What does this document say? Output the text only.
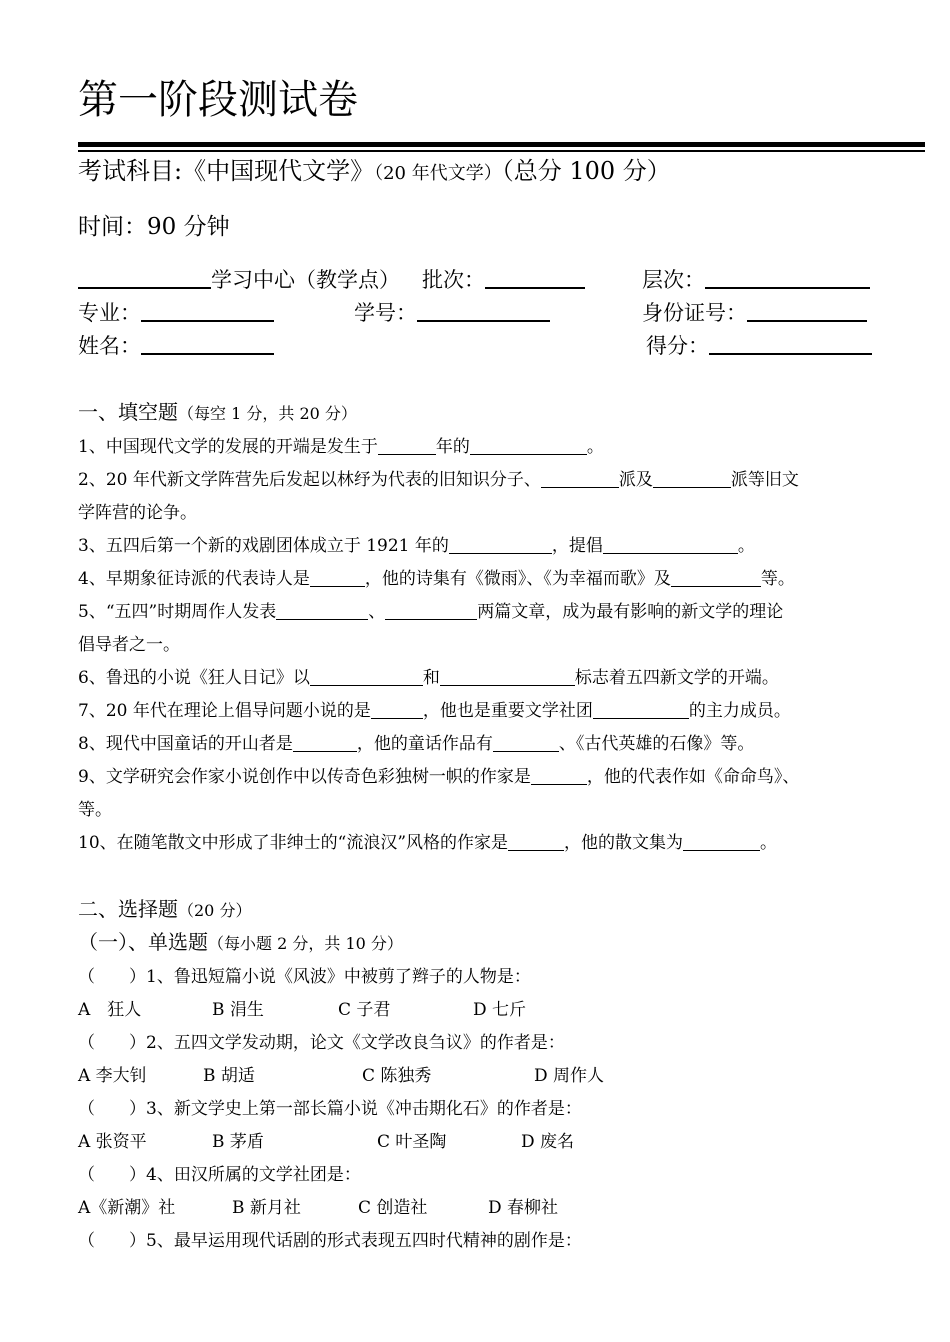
第一阶段测试卷
考试科目:《中国现代文学》（20 年代文学）（总分 100 分）
时间：90 分钟
学习中心（教学点） 批次：	层次：
专业：	学号：	身份证号：
姓名：	得分：
一、填空题（每空 1 分，共 20 分）
1、中国现代文学的发展的开端是发生于	年的	。
2、20 年代新文学阵营先后发起以林纾为代表的旧知识分子、	派及	派等旧文
学阵营的论争。
3、五四后第一个新的戏剧团体成立于 1921 年的	，提倡	。
4、早期象征诗派的代表诗人是	，他的诗集有《微雨》、《为幸福而歌》及	等。
5、“五四”时期周作人发表	、	两篇文章，成为最有影响的新文学的理论
倡导者之一。
6、鲁迅的小说《狂人日记》以	和	标志着五四新文学的开端。
7、20 年代在理论上倡导问题小说的是	，他也是重要文学社团	的主力成员。
8、现代中国童话的开山者是	，他的童话作品有	、《古代英雄的石像》等。
9、文学研究会作家小说创作中以传奇色彩独树一帜的作家是	，他的代表作如《命命鸟》、
等。
10、在随笔散文中形成了非绅士的“流浪汉”风格的作家是	，他的散文集为	。
二、选择题（20 分）
（一）、单选题（每小题 2 分，共 10 分）
（　　）1、鲁迅短篇小说《风波》中被剪了辫子的人物是：
A　狂人	B 涓生	C 子君	D 七斤
（　　）2、五四文学发动期，论文《文学改良刍议》的作者是：
A 李大钊	B 胡适	C 陈独秀	D 周作人
（　　）3、新文学史上第一部长篇小说《冲击期化石》的作者是：
A 张资平	B 茅盾	C 叶圣陶	D 废名
（　　）4、田汉所属的文学社团是：
A《新潮》社	B 新月社	C 创造社	D 春柳社
（　　）5、最早运用现代话剧的形式表现五四时代精神的剧作是：
